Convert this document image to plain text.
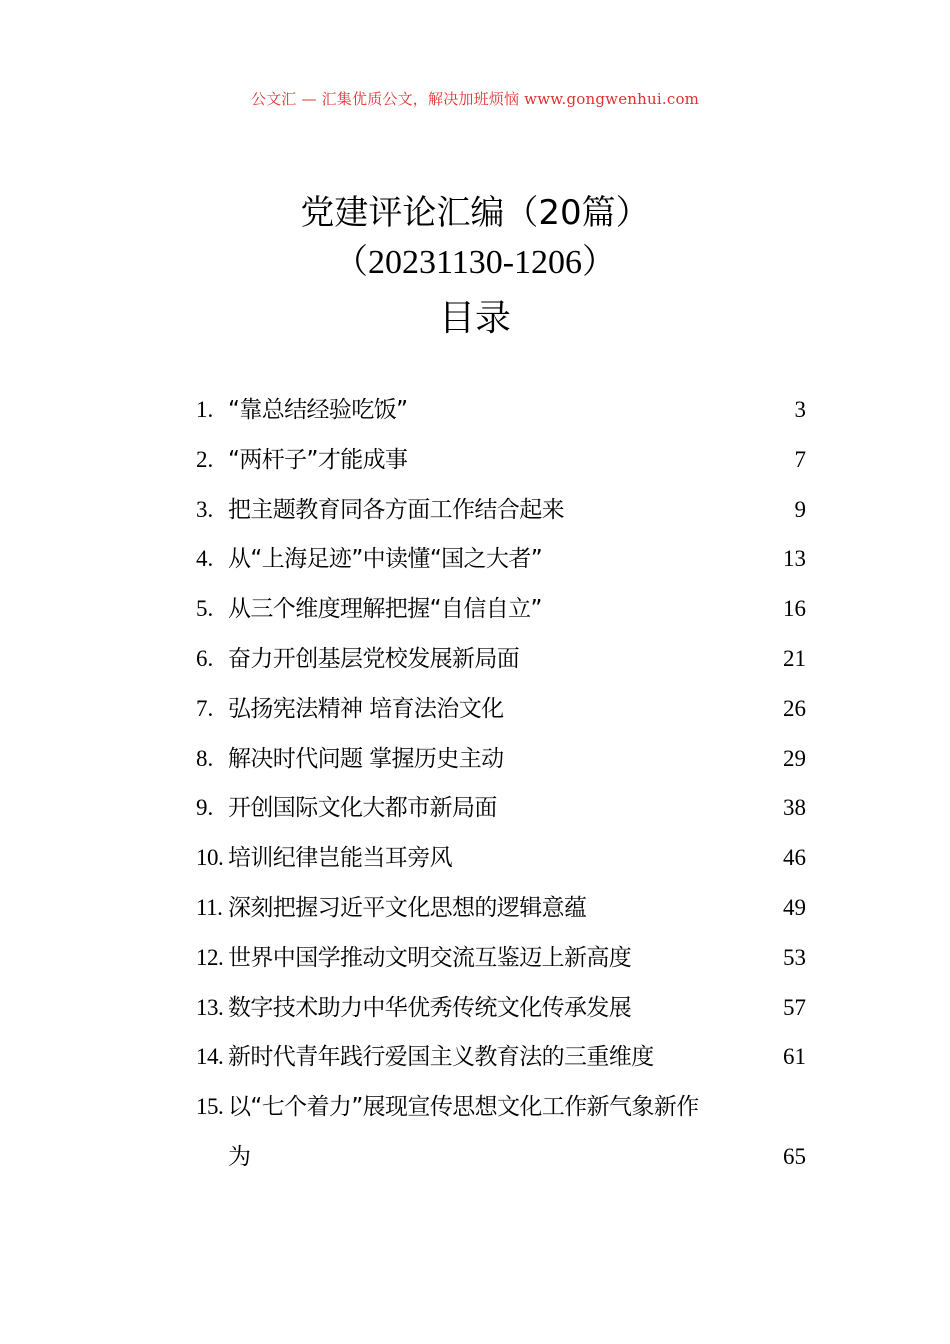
公文汇 — 汇集优质公文，解决加班烦恼 www.gongwenhui.com
党建评论汇编（20篇）
（20231130-1206）
目录
1. “靠总结经验吃饭”	3
2. “两杆子”才能成事	7
3. 把主题教育同各方面工作结合起来	9
4. 从“上海足迹”中读懂“国之大者”	13
5. 从三个维度理解把握“自信自立”	16
6. 奋力开创基层党校发展新局面	21
7. 弘扬宪法精神 培育法治文化	26
8. 解决时代问题 掌握历史主动	29
9. 开创国际文化大都市新局面	38
10. 培训纪律岂能当耳旁风	46
11. 深刻把握习近平文化思想的逻辑意蕴	49
12. 世界中国学推动文明交流互鉴迈上新高度	53
13. 数字技术助力中华优秀传统文化传承发展	57
14. 新时代青年践行爱国主义教育法的三重维度	61
15. 以“七个着力”展现宣传思想文化工作新气象新作
为	65
